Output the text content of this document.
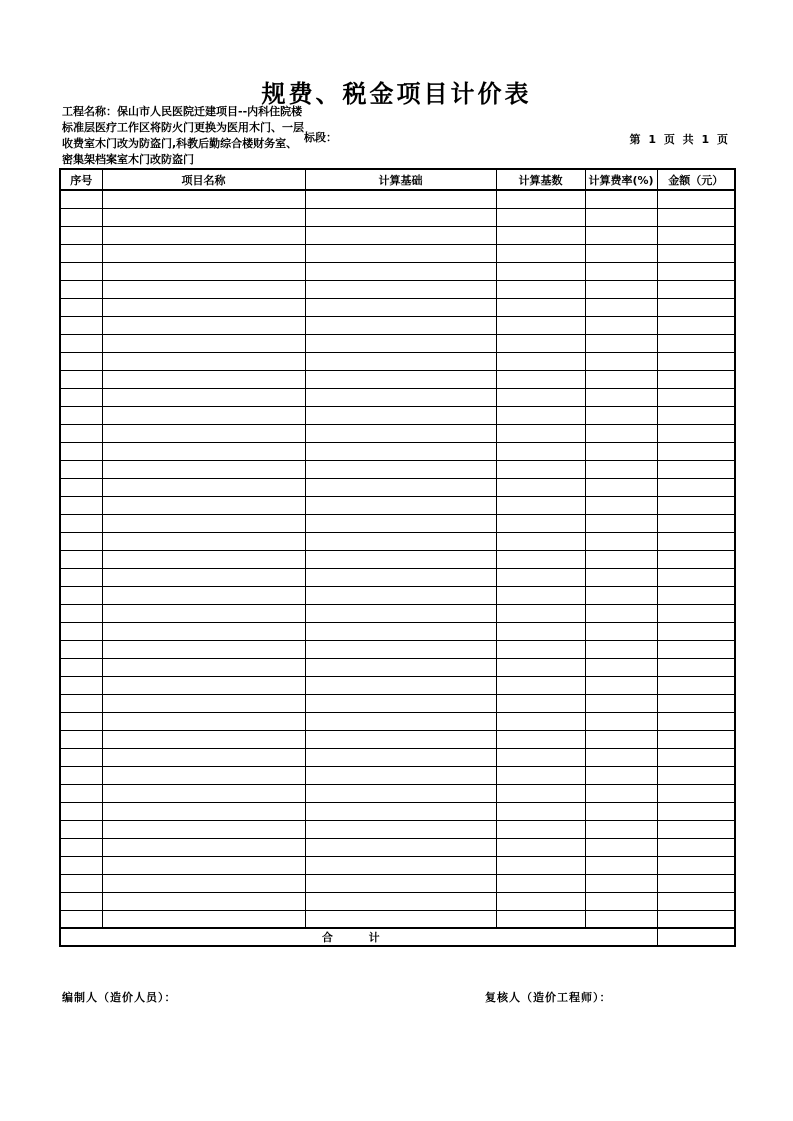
规费、税金项目计价表
工程名称：保山市人民医院迁建项目--内科住院楼标准层医疗工作区将防火门更换为医用木门、一层收费室木门改为防盗门,科教后勤综合楼财务室、密集架档案室木门改防盗门
标段：	第 1 页 共 1 页
序号	项目名称	计算基础	计算基数	计算费率(%)	金额（元）

合 计					
编制人（造价人员）：	复核人（造价工程师）：
